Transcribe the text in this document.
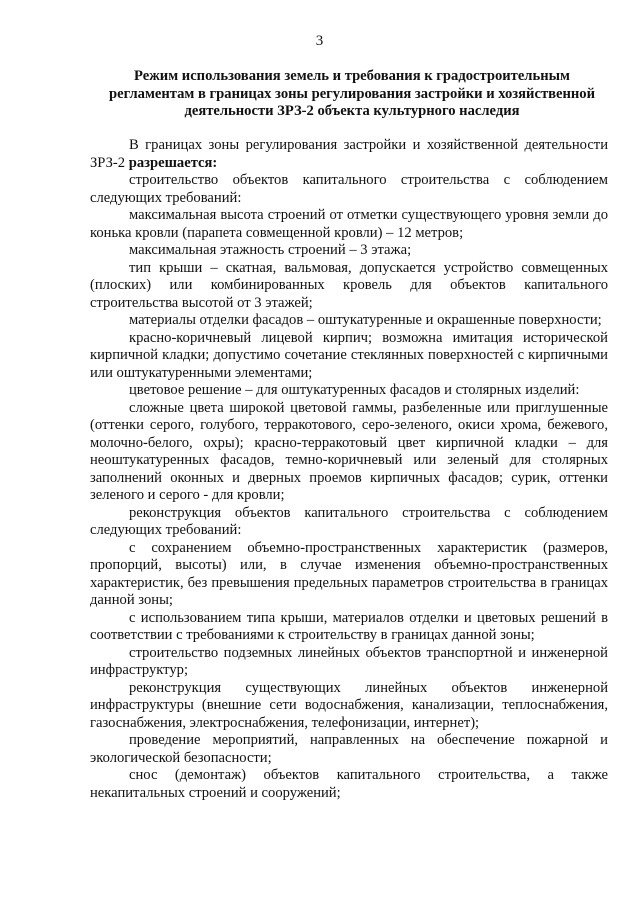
3
Режим использования земель и требования к градостроительным регламентам в границах зоны регулирования застройки и хозяйственной деятельности ЗРЗ-2 объекта культурного наследия

В границах зоны регулирования застройки и хозяйственной деятельности ЗРЗ-2 разрешается:

строительство объектов капитального строительства с соблюдением следующих требований:

максимальная высота строений от отметки существующего уровня земли до конька кровли (парапета совмещенной кровли) – 12 метров;

максимальная этажность строений – 3 этажа;

тип крыши – скатная, вальмовая, допускается устройство совмещенных (плоских) или комбинированных кровель для объектов капитального строительства высотой от 3 этажей;

материалы отделки фасадов – оштукатуренные и окрашенные поверхности;

красно-коричневый лицевой кирпич; возможна имитация исторической кирпичной кладки; допустимо сочетание стеклянных поверхностей с кирпичными или оштукатуренными элементами;

цветовое решение – для оштукатуренных фасадов и столярных изделий:

сложные цвета широкой цветовой гаммы, разбеленные или приглушенные (оттенки серого, голубого, терракотового, серо-зеленого, окиси хрома, бежевого, молочно-белого, охры); красно-терракотовый цвет кирпичной кладки – для неоштукатуренных фасадов, темно-коричневый или зеленый для столярных заполнений оконных и дверных проемов кирпичных фасадов; сурик, оттенки зеленого и серого - для кровли;

реконструкция объектов капитального строительства с соблюдением следующих требований:

с сохранением объемно-пространственных характеристик (размеров, пропорций, высоты) или, в случае изменения объемно-пространственных характеристик, без превышения предельных параметров строительства в границах данной зоны;

с использованием типа крыши, материалов отделки и цветовых решений в соответствии с требованиями к строительству в границах данной зоны;

строительство подземных линейных объектов транспортной и инженерной инфраструктур;

реконструкция существующих линейных объектов инженерной инфраструктуры (внешние сети водоснабжения, канализации, теплоснабжения, газоснабжения, электроснабжения, телефонизации, интернет);

проведение мероприятий, направленных на обеспечение пожарной и экологической безопасности;

снос (демонтаж) объектов капитального строительства, а также некапитальных строений и сооружений;
